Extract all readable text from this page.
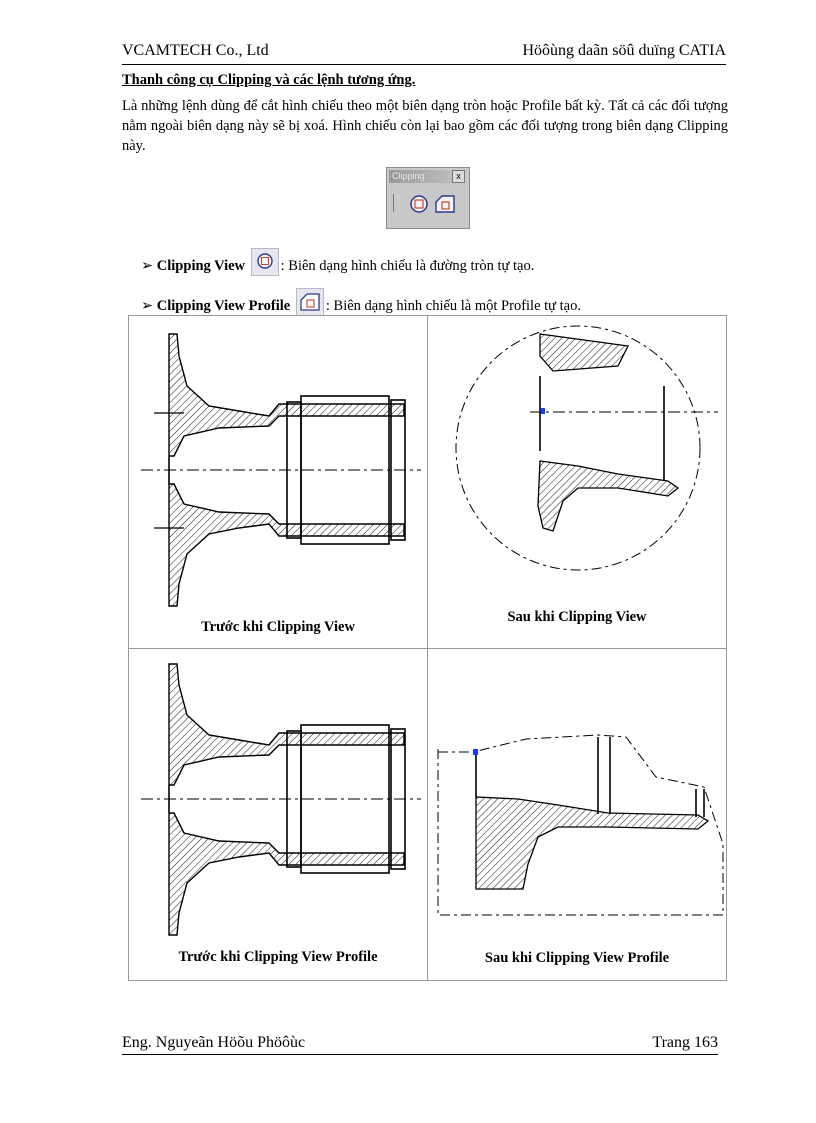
VCAMTECH Co., Ltd	Höôùng daãn söû duïng CATIA
Thanh công cụ Clipping và các lệnh tương ứng.
Là những lệnh dùng để cắt hình chiếu theo một biên dạng tròn hoặc Profile bất kỳ. Tất cả các đối tượng nằm ngoài biên dạng này sẽ bị xoá. Hình chiếu còn lại bao gồm các đối tượng trong biên dạng Clipping này.
Clipping	x
➢ Clipping View : Biên dạng hình chiếu là đường tròn tự tạo.
➢ Clipping View Profile : Biên dạng hình chiếu là một Profile tự tạo.
Trước khi Clipping View	Sau khi Clipping View

Trước khi Clipping View Profile	Sau khi Clipping View Profile
Eng. Nguyeãn Höõu Phöôùc	Trang 163
